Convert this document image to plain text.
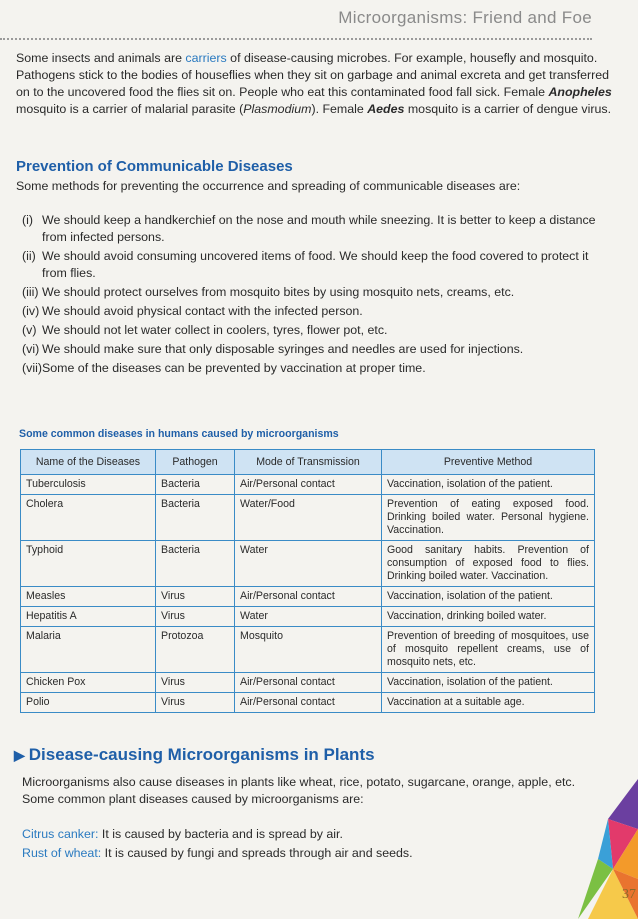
Microorganisms: Friend and Foe

Some insects and animals are carriers of disease-causing microbes. For example, housefly and mosquito. Pathogens stick to the bodies of houseflies when they sit on garbage and animal excreta and get transferred on to the uncovered food the flies sit on. People who eat this contaminated food fall sick. Female Anopheles mosquito is a carrier of malarial parasite (Plasmodium). Female Aedes mosquito is a carrier of dengue virus.

Prevention of Communicable Diseases

Some methods for preventing the occurrence and spreading of communicable diseases are:

(i) We should keep a handkerchief on the nose and mouth while sneezing. It is better to keep a distance from infected persons.
(ii) We should avoid consuming uncovered items of food. We should keep the food covered to protect it from flies.
(iii) We should protect ourselves from mosquito bites by using mosquito nets, creams, etc.
(iv) We should avoid physical contact with the infected person.
(v) We should not let water collect in coolers, tyres, flower pot, etc.
(vi) We should make sure that only disposable syringes and needles are used for injections.
(vii) Some of the diseases can be prevented by vaccination at proper time.
Some common diseases in humans caused by microorganisms
Name of the Diseases	Pathogen	Mode of Transmission	Preventive Method
Tuberculosis	Bacteria	Air/Personal contact	Vaccination, isolation of the patient.
Cholera	Bacteria	Water/Food	Prevention of eating exposed food. Drinking boiled water. Personal hygiene. Vaccination.
Typhoid	Bacteria	Water	Good sanitary habits. Prevention of consumption of exposed food to flies. Drinking boiled water. Vaccination.
Measles	Virus	Air/Personal contact	Vaccination, isolation of the patient.
Hepatitis A	Virus	Water	Vaccination, drinking boiled water.
Malaria	Protozoa	Mosquito	Prevention of breeding of mosquitoes, use of mosquito repellent creams, use of mosquito nets, etc.
Chicken Pox	Virus	Air/Personal contact	Vaccination, isolation of the patient.
Polio	Virus	Air/Personal contact	Vaccination at a suitable age.
▶ Disease-causing Microorganisms in Plants

Microorganisms also cause diseases in plants like wheat, rice, potato, sugarcane, orange, apple, etc. Some common plant diseases caused by microorganisms are:

Citrus canker: It is caused by bacteria and is spread by air.

Rust of wheat: It is caused by fungi and spreads through air and seeds.

37
